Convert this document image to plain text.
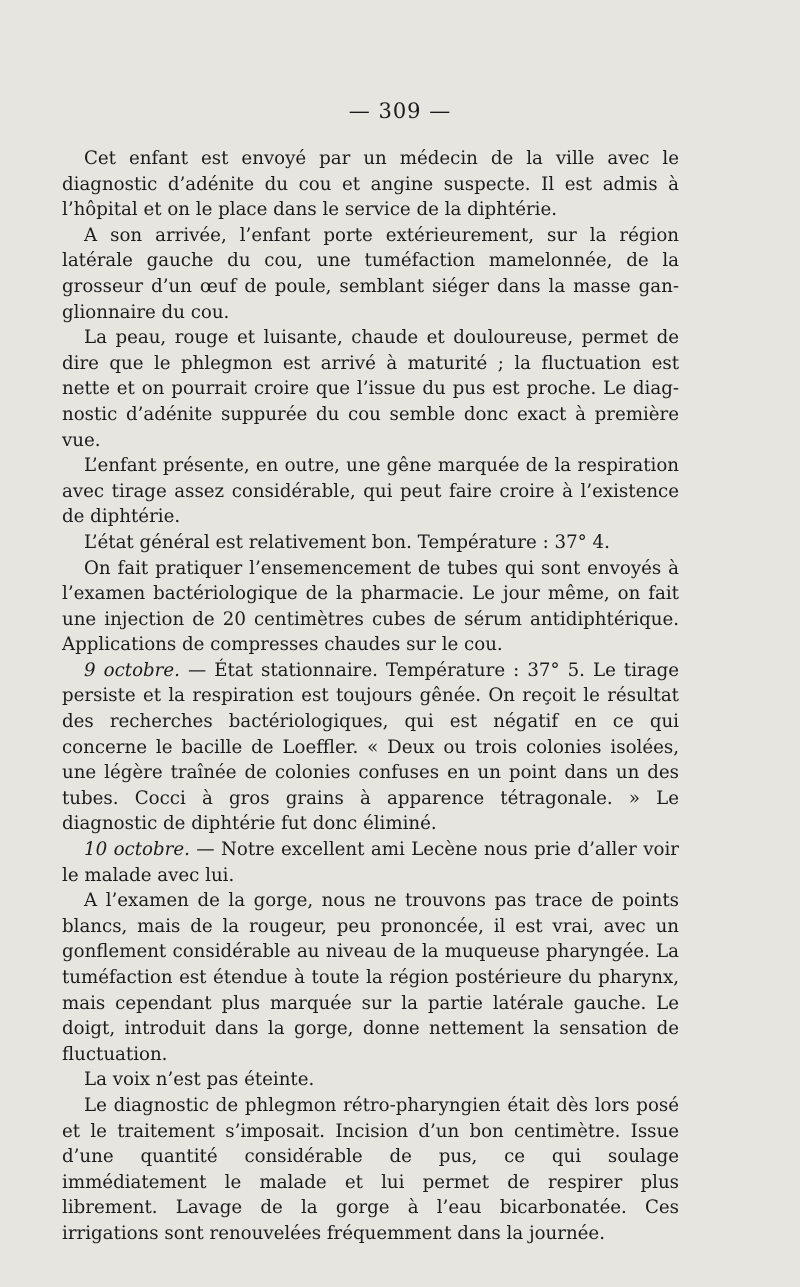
— 309 —

Cet enfant est envoyé par un médecin de la ville avec le diagnostic d’adénite du cou et angine suspecte. Il est admis à l’hôpital et on le place dans le service de la diphtérie.

A son arrivée, l’enfant porte extérieurement, sur la région latérale gauche du cou, une tuméfaction mamelonnée, de la grosseur d’un œuf de poule, semblant siéger dans la masse ganglionnaire du cou.

La peau, rouge et luisante, chaude et douloureuse, permet de dire que le phlegmon est arrivé à maturité ; la fluctuation est nette et on pourrait croire que l’issue du pus est proche. Le diagnostic d’adénite suppurée du cou semble donc exact à première vue.

L’enfant présente, en outre, une gêne marquée de la respiration avec tirage assez considérable, qui peut faire croire à l’existence de diphtérie.

L’état général est relativement bon. Température : 37° 4.

On fait pratiquer l’ensemencement de tubes qui sont envoyés à l’examen bactériologique de la pharmacie. Le jour même, on fait une injection de 20 centimètres cubes de sérum antidiphtérique. Applications de compresses chaudes sur le cou.

9 octobre. — État stationnaire. Température : 37° 5. Le tirage persiste et la respiration est toujours gênée. On reçoit le résultat des recherches bactériologiques, qui est négatif en ce qui concerne le bacille de Loeffler. « Deux ou trois colonies isolées, une légère traînée de colonies confuses en un point dans un des tubes. Cocci à gros grains à apparence tétragonale. » Le diagnostic de diphtérie fut donc éliminé.

10 octobre. — Notre excellent ami Lecène nous prie d’aller voir le malade avec lui.

A l’examen de la gorge, nous ne trouvons pas trace de points blancs, mais de la rougeur, peu prononcée, il est vrai, avec un gonflement considérable au niveau de la muqueuse pharyngée. La tuméfaction est étendue à toute la région postérieure du pharynx, mais cependant plus marquée sur la partie latérale gauche. Le doigt, introduit dans la gorge, donne nettement la sensation de fluctuation.

La voix n’est pas éteinte.

Le diagnostic de phlegmon rétro-pharyngien était dès lors posé et le traitement s’imposait. Incision d’un bon centimètre. Issue d’une quantité considérable de pus, ce qui soulage immédiatement le malade et lui permet de respirer plus librement. Lavage de la gorge à l’eau bicarbonatée. Ces irrigations sont renouvelées fréquemment dans la journée.
